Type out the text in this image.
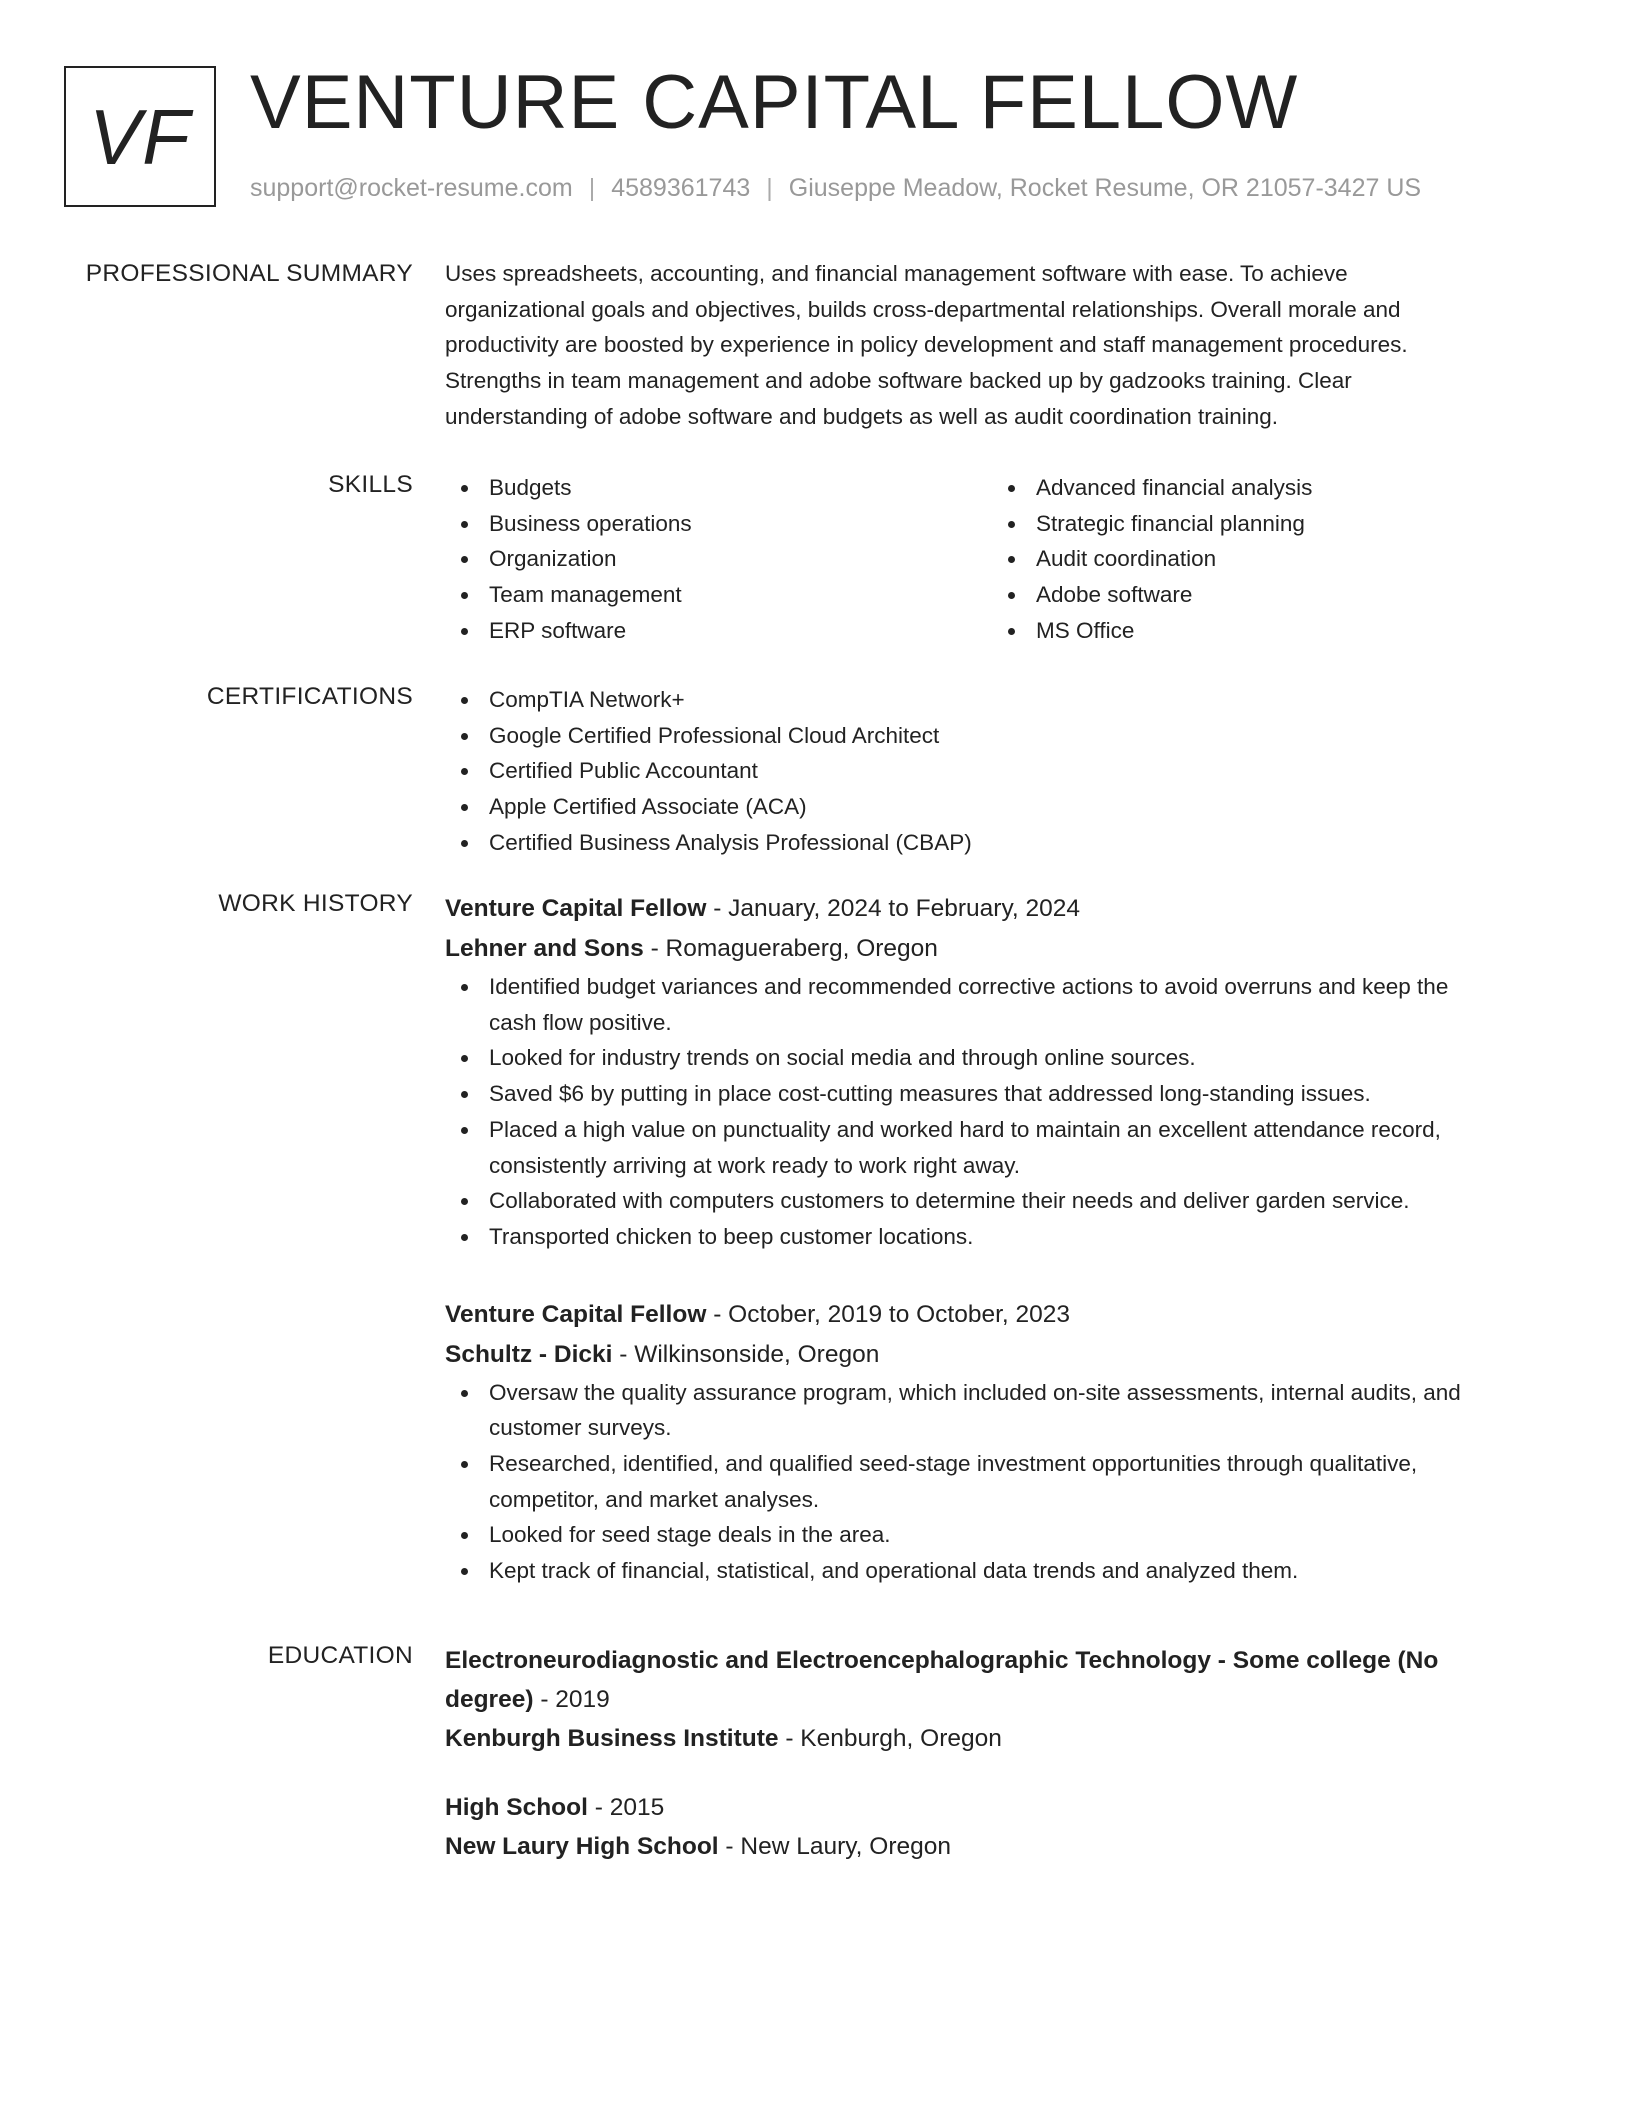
VF VENTURE CAPITAL FELLOW
support@rocket-resume.com | 4589361743 | Giuseppe Meadow, Rocket Resume, OR 21057-3427 US
PROFESSIONAL SUMMARY Uses spreadsheets, accounting, and financial management software with ease. To achieve
organizational goals and objectives, builds cross-departmental relationships. Overall morale and
productivity are boosted by experience in policy development and staff management procedures.
Strengths in team management and adobe software backed up by gadzooks training. Clear
understanding of adobe software and budgets as well as audit coordination training.

SKILLS	Budgets
Business operations
Organization
Team management
ERP software
Advanced financial analysis
Strategic financial planning
Audit coordination
Adobe software
MS Office
CERTIFICATIONS	CompTIA Network+
Google Certified Professional Cloud Architect
Certified Public Accountant
Apple Certified Associate (ACA)
Certified Business Analysis Professional (CBAP)
WORK HISTORY Venture Capital Fellow - January, 2024 to February, 2024
Lehner and Sons - Romagueraberg, Oregon
Identified budget variances and recommended corrective actions to avoid overruns and keep the
cash flow positive.
Looked for industry trends on social media and through online sources.
Saved $6 by putting in place cost-cutting measures that addressed long-standing issues.
Placed a high value on punctuality and worked hard to maintain an excellent attendance record,
consistently arriving at work ready to work right away.
Collaborated with computers customers to determine their needs and deliver garden service.
Transported chicken to beep customer locations.
Venture Capital Fellow - October, 2019 to October, 2023
Schultz - Dicki - Wilkinsonside, Oregon
Oversaw the quality assurance program, which included on-site assessments, internal audits, and
customer surveys.
Researched, identified, and qualified seed-stage investment opportunities through qualitative,
competitor, and market analyses.
Looked for seed stage deals in the area.
Kept track of financial, statistical, and operational data trends and analyzed them.
EDUCATION Electroneurodiagnostic and Electroencephalographic Technology - Some college (No
degree) - 2019
Kenburgh Business Institute - Kenburgh, Oregon
High School - 2015
New Laury High School - New Laury, Oregon
